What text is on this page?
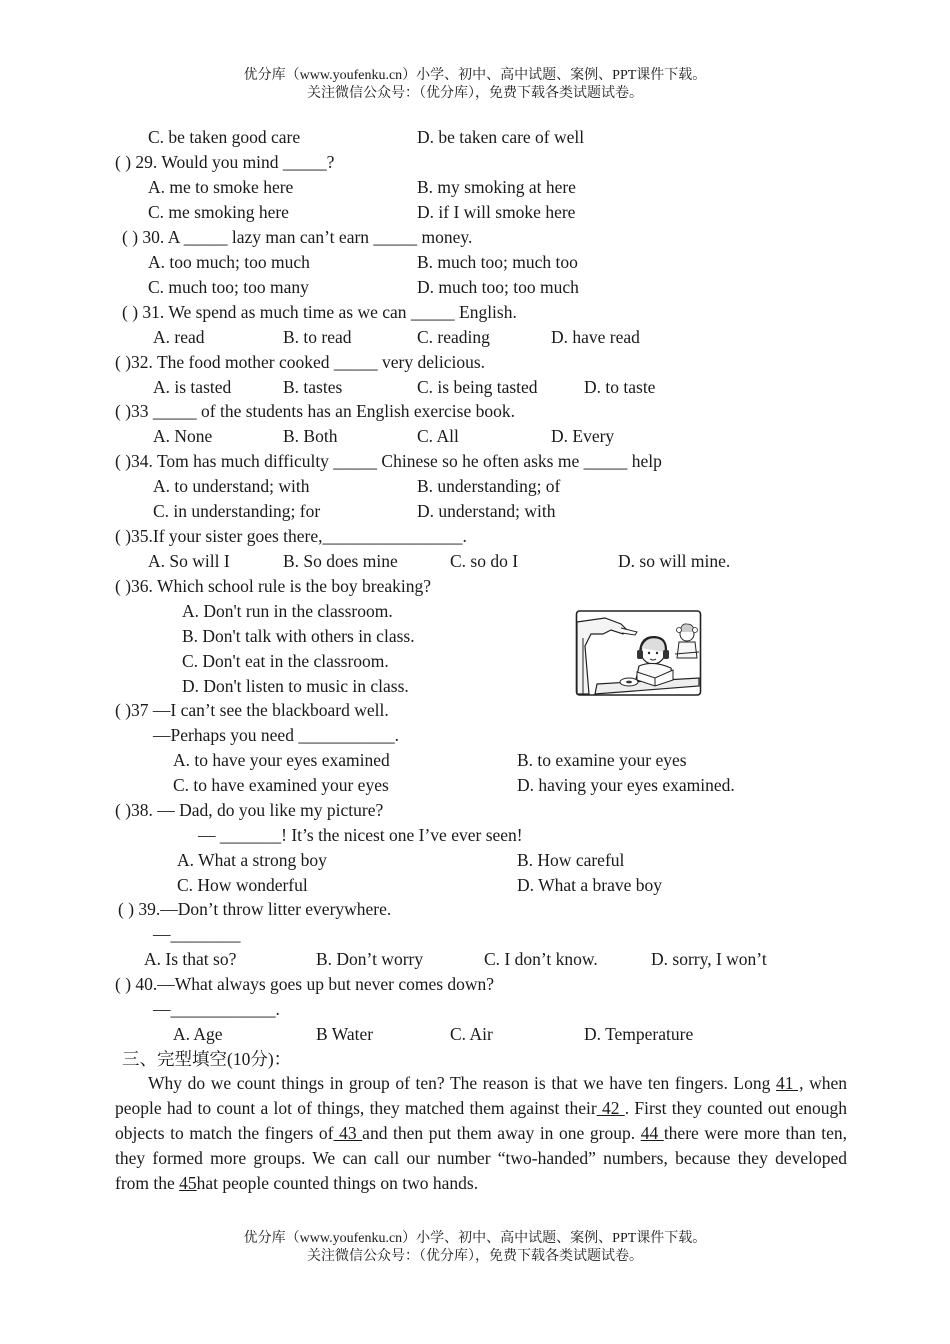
优分库（www.youfenku.cn）小学、初中、高中试题、案例、PPT课件下载。
关注微信公众号：（优分库），免费下载各类试题试卷。
C. be taken good care	D. be taken care of well
( ) 29. Would you mind _____?
A. me to smoke here	B. my smoking at here
C. me smoking here	D. if I will smoke here
( ) 30. A _____ lazy man can’t earn _____ money.
A. too much; too much	B. much too; much too
C. much too; too many	D. much too; too much
( ) 31. We spend as much time as we can _____ English.
A. read	B. to read	C. reading	D. have read
( )32. The food mother cooked _____ very delicious.
A. is tasted	B. tastes	C. is being tasted	D. to taste
( )33 _____ of the students has an English exercise book.
A. None	B. Both	C. All	D. Every
( )34. Tom has much difficulty _____ Chinese so he often asks me _____ help
A. to understand; with	B. understanding; of
C. in understanding; for	D. understand; with
( )35.If your sister goes there,________________.
A. So will I	B. So does mine	C. so do I	D. so will mine.
( )36. Which school rule is the boy breaking?
A. Don't run in the classroom.
B. Don't talk with others in class.
C. Don't eat in the classroom.
D. Don't listen to music in class.
( )37 —I can’t see the blackboard well.
—Perhaps you need ___________.
A. to have your eyes examined	B. to examine your eyes
C. to have examined your eyes	D. having your eyes examined.
( )38. — Dad, do you like my picture?
— _______! It’s the nicest one I’ve ever seen!
A. What a strong boy	B. How careful
C. How wonderful	D. What a brave boy
( ) 39.—Don’t throw litter everywhere.
—________
A. Is that so?	B. Don’t worry	C. I don’t know.	D. sorry, I won’t
( ) 40.—What always goes up but never comes down?
—____________.
A. Age	B Water	C. Air	D. Temperature
三、完型填空(10分)：
Why do we count things in group of ten? The reason is that we have ten fingers. Long 41 , when people had to count a lot of things, they matched them against their 42 . First they counted out enough objects to match the fingers of 43 and then put them away in one group. 44 there were more than ten, they formed more groups. We can call our number “two-handed” numbers, because they developed from the 45hat people counted things on two hands.
优分库（www.youfenku.cn）小学、初中、高中试题、案例、PPT课件下载。
关注微信公众号：（优分库），免费下载各类试题试卷。
